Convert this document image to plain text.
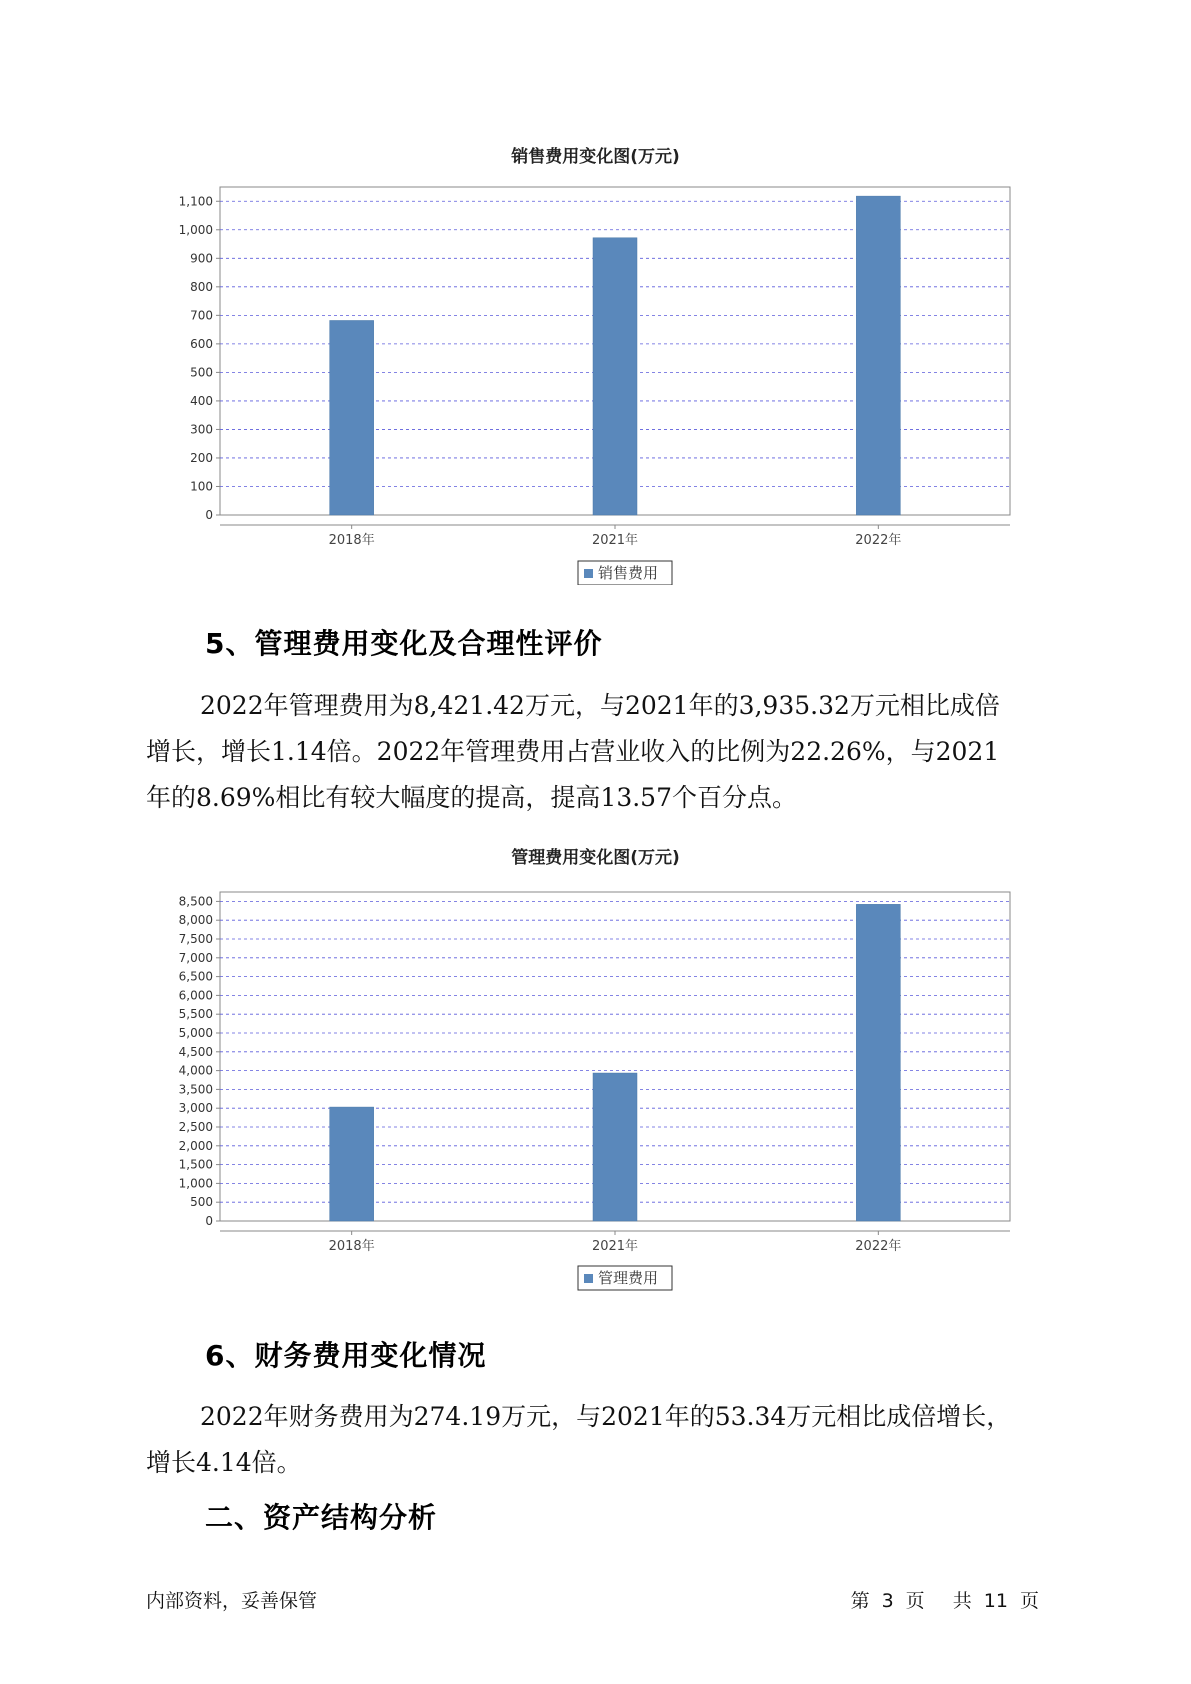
销售费用变化图(万元)
0
100
200
300
400
500
600
700
800
900
1,000
1,100
2018年	2021年	2022年
销售费用
5、管理费用变化及合理性评价
2022年管理费用为8,421.42万元，与2021年的3,935.32万元相比成倍
增长，增长1.14倍。2022年管理费用占营业收入的比例为22.26%，与2021
年的8.69%相比有较大幅度的提高，提高13.57个百分点。
管理费用变化图(万元)
0
500
1,000
1,500
2,000
2,500
3,000
3,500
4,000
4,500
5,000
5,500
6,000
6,500
7,000
7,500
8,000
8,500
2018年	2021年	2022年
管理费用
6、财务费用变化情况
2022年财务费用为274.19万元，与2021年的53.34万元相比成倍增长，
增长4.14倍。
二、资产结构分析
内部资料，妥善保管	第 3 页 共 11 页
